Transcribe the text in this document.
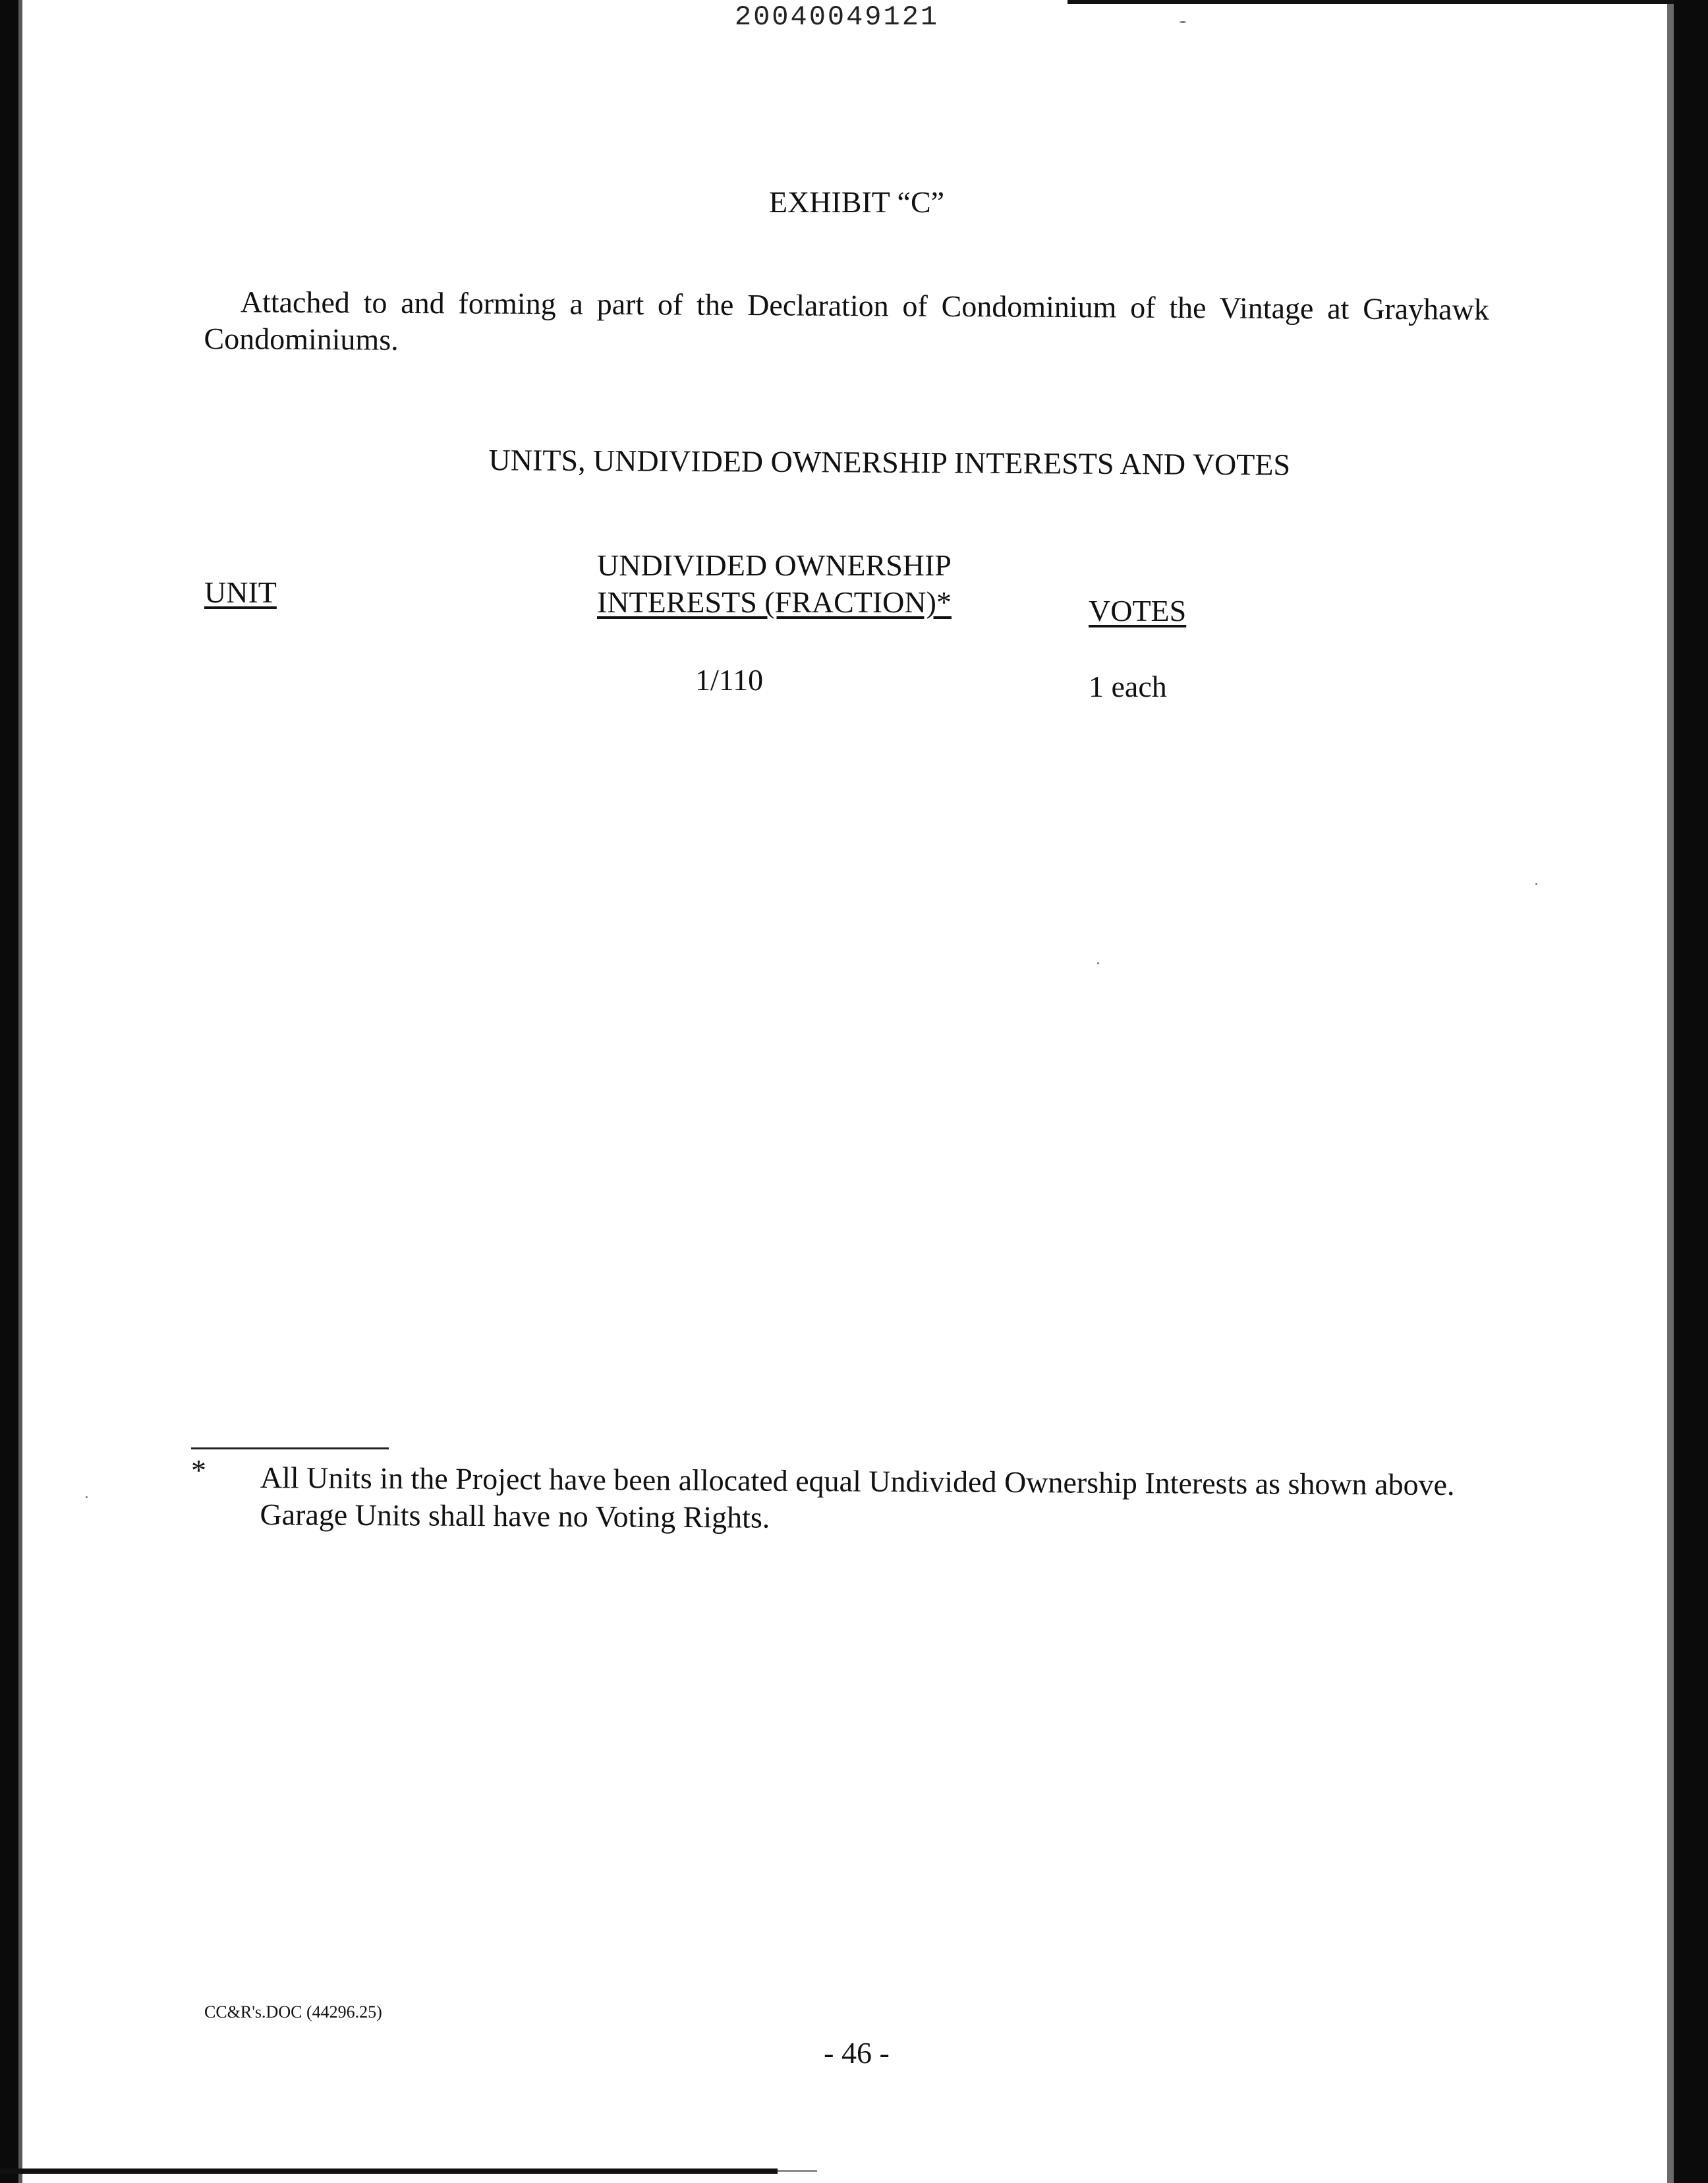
20040049121
EXHIBIT “C”
Attached to and forming a part of the Declaration of Condominium of the Vintage at Grayhawk Condominiums.
UNITS, UNDIVIDED OWNERSHIP INTERESTS AND VOTES
UNIT
UNDIVIDED OWNERSHIP
INTERESTS (FRACTION)*	VOTES
1/110	1 each
* All Units in the Project have been allocated equal Undivided Ownership Interests as shown above. Garage Units shall have no Voting Rights.
CC&R's.DOC (44296.25)
- 46 -
